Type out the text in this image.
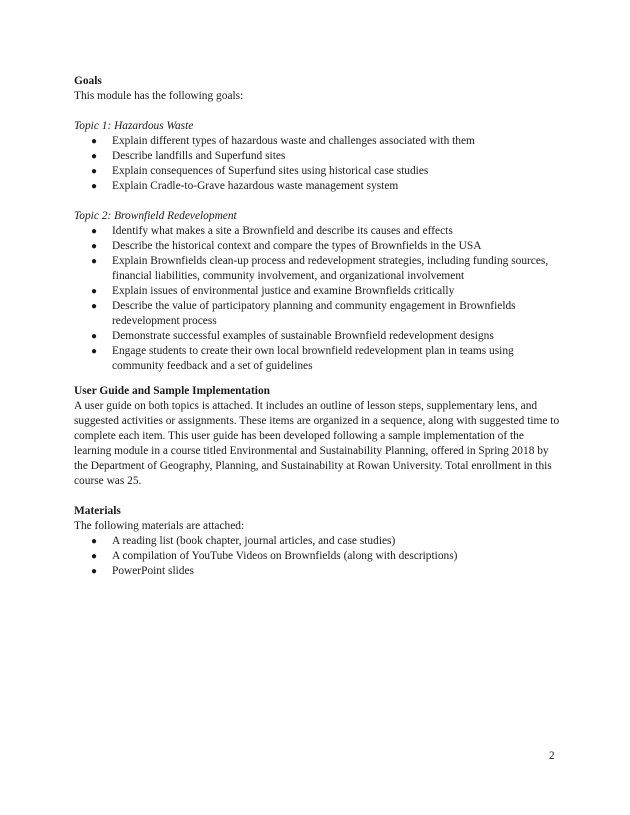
Goals

This module has the following goals:

Topic 1: Hazardous Waste

● Explain different types of hazardous waste and challenges associated with them
● Describe landfills and Superfund sites
● Explain consequences of Superfund sites using historical case studies
● Explain Cradle-to-Grave hazardous waste management system

Topic 2: Brownfield Redevelopment

● Identify what makes a site a Brownfield and describe its causes and effects
● Describe the historical context and compare the types of Brownfields in the USA
● Explain Brownfields clean-up process and redevelopment strategies, including funding sources, financial liabilities, community involvement, and organizational involvement
● Explain issues of environmental justice and examine Brownfields critically
● Describe the value of participatory planning and community engagement in Brownfields redevelopment process
● Demonstrate successful examples of sustainable Brownfield redevelopment designs
● Engage students to create their own local brownfield redevelopment plan in teams using community feedback and a set of guidelines

User Guide and Sample Implementation

A user guide on both topics is attached. It includes an outline of lesson steps, supplementary lens, and suggested activities or assignments. These items are organized in a sequence, along with suggested time to complete each item. This user guide has been developed following a sample implementation of the learning module in a course titled Environmental and Sustainability Planning, offered in Spring 2018 by the Department of Geography, Planning, and Sustainability at Rowan University. Total enrollment in this course was 25.

Materials

The following materials are attached:

● A reading list (book chapter, journal articles, and case studies)
● A compilation of YouTube Videos on Brownfields (along with descriptions)
● PowerPoint slides
2
